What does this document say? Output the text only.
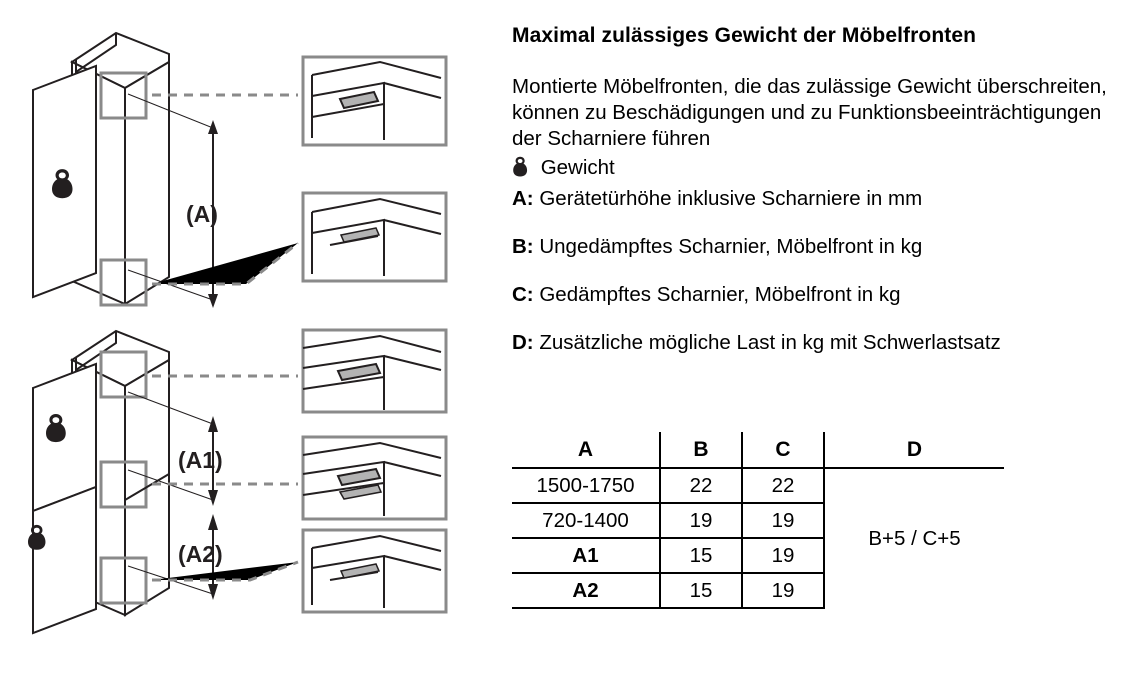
(A)
(A1)
(A2)
Maximal zulässiges Gewicht der Möbelfronten

Montierte Möbelfronten, die das zulässige Gewicht überschreiten, können zu Beschädigungen und zu Funktionsbeeinträchtigungen der Scharniere führen

Gewicht

A: Gerätetürhöhe inklusive Scharniere in mm

B: Ungedämpftes Scharnier, Möbelfront in kg

C: Gedämpftes Scharnier, Möbelfront in kg

D: Zusätzliche mögliche Last in kg mit Schwerlastsatz

A	B	C	D
1500-1750	22	22	B+5 / C+5
720-1400	19	19	
A1	15	19	
A2	15	19	
